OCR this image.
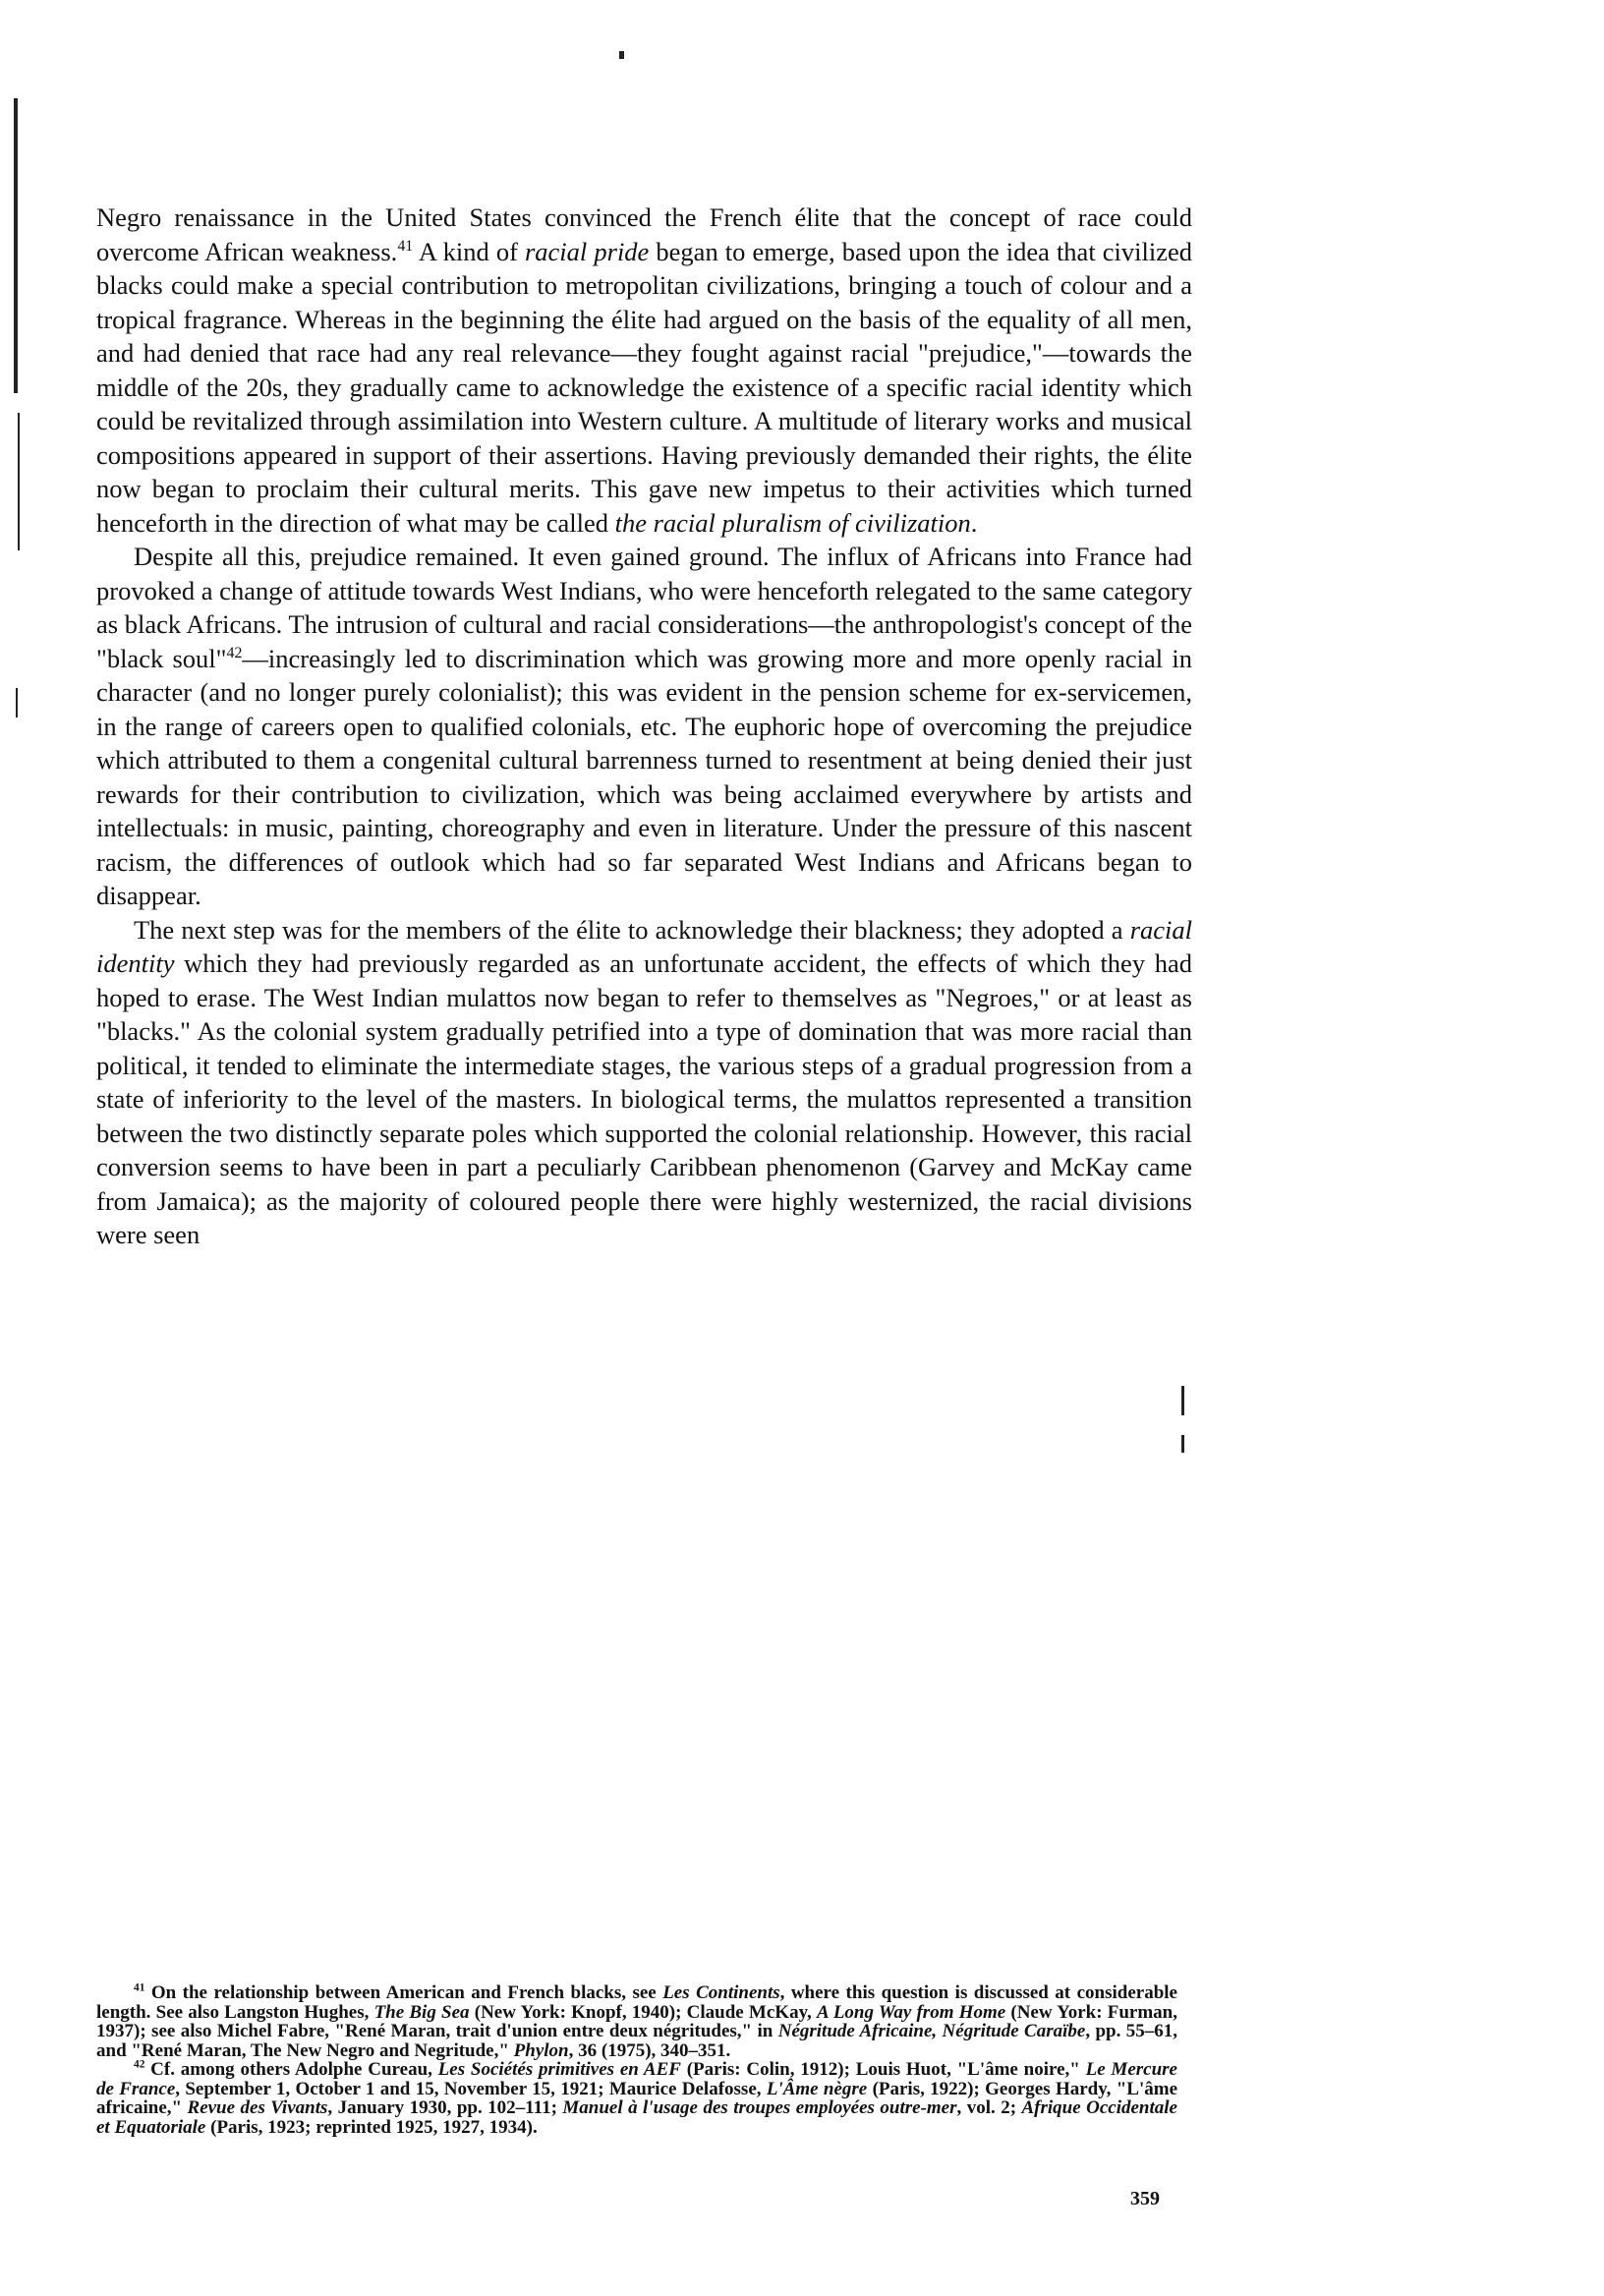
Negro renaissance in the United States convinced the French élite that the concept of race could overcome African weakness.$^{41}$ A kind of racial pride began to emerge, based upon the idea that civilized blacks could make a special contribution to metropolitan civilizations, bringing a touch of colour and a tropical fragrance. Whereas in the beginning the élite had argued on the basis of the equality of all men, and had denied that race had any real relevance—they fought against racial "prejudice,"—towards the middle of the 20s, they gradually came to acknowledge the existence of a specific racial identity which could be revitalized through assimilation into Western culture. A multitude of literary works and musical compositions appeared in support of their assertions. Having previously demanded their rights, the élite now began to proclaim their cultural merits. This gave new impetus to their activities which turned henceforth in the direction of what may be called the racial pluralism of civilization.

Despite all this, prejudice remained. It even gained ground. The influx of Africans into France had provoked a change of attitude towards West Indians, who were henceforth relegated to the same category as black Africans. The intrusion of cultural and racial considerations—the anthropologist's concept of the "black soul"$^{42}$—increasingly led to discrimination which was growing more and more openly racial in character (and no longer purely colonialist); this was evident in the pension scheme for ex-servicemen, in the range of careers open to qualified colonials, etc. The euphoric hope of overcoming the prejudice which attributed to them a congenital cultural barrenness turned to resentment at being denied their just rewards for their contribution to civilization, which was being acclaimed everywhere by artists and intellectuals: in music, painting, choreography and even in literature. Under the pressure of this nascent racism, the differences of outlook which had so far separated West Indians and Africans began to disappear.

The next step was for the members of the élite to acknowledge their blackness; they adopted a racial identity which they had previously regarded as an unfortunate accident, the effects of which they had hoped to erase. The West Indian mulattos now began to refer to themselves as "Negroes," or at least as "blacks." As the colonial system gradually petrified into a type of domination that was more racial than political, it tended to eliminate the intermediate stages, the various steps of a gradual progression from a state of inferiority to the level of the masters. In biological terms, the mulattos represented a transition between the two distinctly separate poles which supported the colonial relationship. However, this racial conversion seems to have been in part a peculiarly Caribbean phenomenon (Garvey and McKay came from Jamaica); as the majority of coloured people there were highly westernized, the racial divisions were seen

$^{41}$ On the relationship between American and French blacks, see Les Continents, where this question is discussed at considerable length. See also Langston Hughes, The Big Sea (New York: Knopf, 1940); Claude McKay, A Long Way from Home (New York: Furman, 1937); see also Michel Fabre, "René Maran, trait d'union entre deux négritudes," in Négritude Africaine, Négritude Caraïbe, pp. 55–61, and "René Maran, The New Negro and Negritude," Phylon, 36 (1975), 340–351.

$^{42}$ Cf. among others Adolphe Cureau, Les Sociétés primitives en AEF (Paris: Colin, 1912); Louis Huot, "L'âme noire," Le Mercure de France, September 1, October 1 and 15, November 15, 1921; Maurice Delafosse, L'Âme nègre (Paris, 1922); Georges Hardy, "L'âme africaine," Revue des Vivants, January 1930, pp. 102–111; Manuel à l'usage des troupes employées outre-mer, vol. 2; Afrique Occidentale et Equatoriale (Paris, 1923; reprinted 1925, 1927, 1934).

359
